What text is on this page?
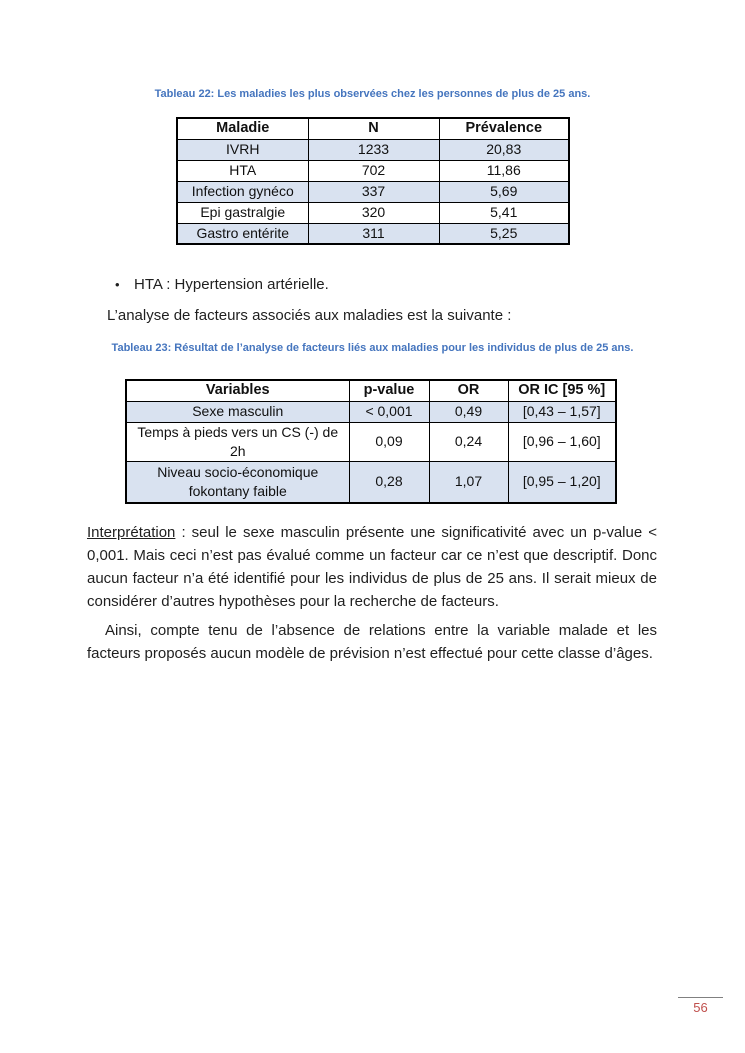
Tableau 22: Les maladies les plus observées chez les personnes de plus de 25 ans.
Maladie	N	Prévalence
IVRH	1233	20,83
HTA	702	11,86
Infection gynéco	337	5,69
Epi gastralgie	320	5,41
Gastro entérite	311	5,25
• HTA : Hypertension artérielle.
L’analyse de facteurs associés aux maladies est la suivante :
Tableau 23: Résultat de l’analyse de facteurs liés aux maladies pour les individus de plus de 25 ans.
Variables	p-value	OR	OR IC [95 %]
Sexe masculin	< 0,001	0,49	[0,43 – 1,57]
Temps à pieds vers un CS (-) de 2h	0,09	0,24	[0,96 – 1,60]
Niveau socio-économique fokontany faible	0,28	1,07	[0,95 – 1,20]
Interprétation : seul le sexe masculin présente une significativité avec un p-value < 0,001. Mais ceci n’est pas évalué comme un facteur car ce n’est que descriptif. Donc aucun facteur n’a été identifié pour les individus de plus de 25 ans. Il serait mieux de considérer d’autres hypothèses pour la recherche de facteurs.
Ainsi, compte tenu de l’absence de relations entre la variable malade et les facteurs proposés aucun modèle de prévision n’est effectué pour cette classe d’âges.
56
